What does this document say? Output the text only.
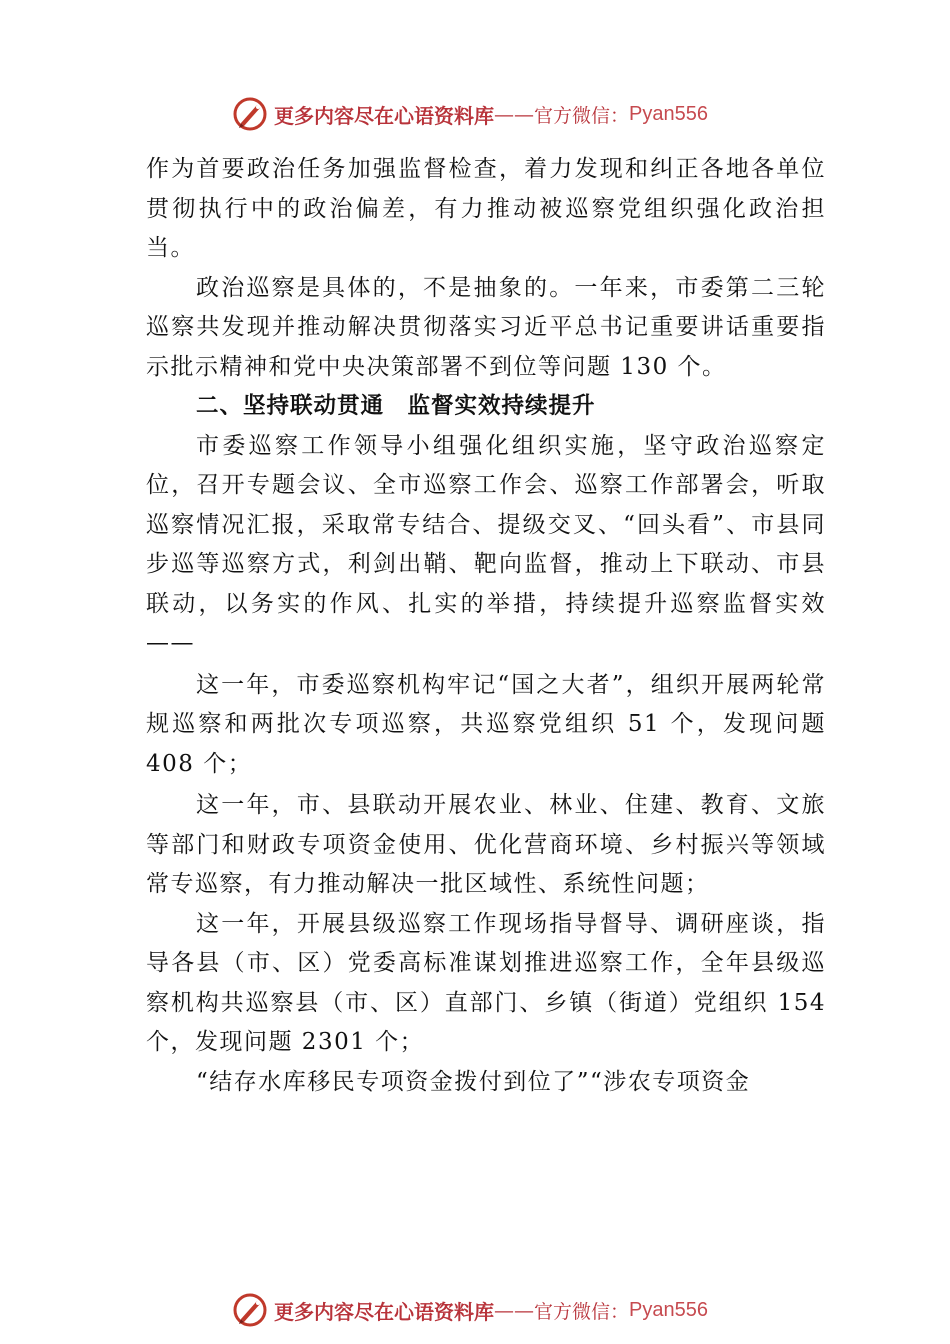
更多内容尽在心语资料库 —— 官方微信： Pyan556

作为首要政治任务加强监督检查，着力发现和纠正各地各单位贯彻执行中的政治偏差，有力推动被巡察党组织强化政治担当。

政治巡察是具体的，不是抽象的。一年来，市委第二三轮巡察共发现并推动解决贯彻落实习近平总书记重要讲话重要指示批示精神和党中央决策部署不到位等问题 130 个。

二、坚持联动贯通　监督实效持续提升

市委巡察工作领导小组强化组织实施，坚守政治巡察定位，召开专题会议、全市巡察工作会、巡察工作部署会，听取巡察情况汇报，采取常专结合、提级交叉、“回头看”、市县同步巡等巡察方式，利剑出鞘、靶向监督，推动上下联动、市县联动，以务实的作风、扎实的举措，持续提升巡察监督实效——

这一年，市委巡察机构牢记“国之大者”，组织开展两轮常规巡察和两批次专项巡察，共巡察党组织 51 个，发现问题 408 个；

这一年，市、县联动开展农业、林业、住建、教育、文旅等部门和财政专项资金使用、优化营商环境、乡村振兴等领域常专巡察，有力推动解决一批区域性、系统性问题；

这一年，开展县级巡察工作现场指导督导、调研座谈，指导各县（市、区）党委高标准谋划推进巡察工作，全年县级巡察机构共巡察县（市、区）直部门、乡镇（街道）党组织 154 个，发现问题 2301 个；

“结存水库移民专项资金拨付到位了”“涉农专项资金

更多内容尽在心语资料库 —— 官方微信： Pyan556
